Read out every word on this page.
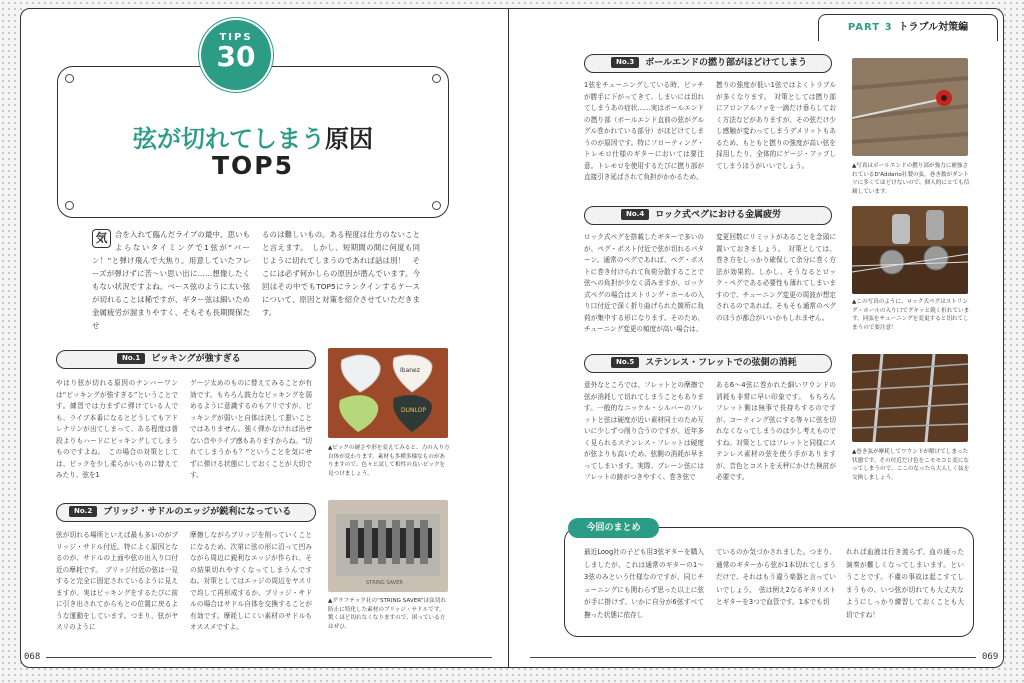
PART 3 トラブル対策編
弦が切れてしまう原因
TOP5
TIPS
30
気	合を入れて臨んだライブの最中、思いもよらないタイミングで1弦が“バーン！”と弾け飛んで大焦り。用意していたフレーズが弾けずに苦〜い思い出に……想像したくもない状況ですよね。ベース弦のように太い弦が切れることは稀ですが、ギター弦は細いため金属疲労が溜まりやすく、そもそも長期間保たせ
るのは難しいもの。ある程度は仕方のないことと言えます。　しかし、短期間の間に何度も同じように切れてしまうのであれば話は別！　そこには必ず何かしらの原因が潜んでいます。今回はその中でもTOP5にランクインするケースについて、原因と対策を紹介させていただきます。
No.1 ピッキングが強すぎる
やはり弦が切れる原因のナンバーワンは“ピッキングが強すぎる”ということです。練習では力まずに弾けている人でも、ライブ本番になるとどうしてもアドレナリンが出てしまって、ある程度は普段よりもハードにピッキングしてしまうものですよね。　この場合の対策としては、ピックを少し柔らかいものに替えてみたり、弦を1
ゲージ太めのものに替えてみることが有効です。もちろん鼓力なピッキングを弱めるように意識するのもアリですが、ピッキングが弱いと自体は決して悪いことではありません。強く弾かなければ出せない音やライブ感もありますからね。“切れてしまうかも？”ということを気にせずに弾ける状態にしておくことが大切です。
Ibanez
DUNLOP
▲ピックの硬さや形を変えてみると、力の入り方自体が変わります。素材も多種多様なものがありますので、色々と試して相性の良いピックを見つけましょう。
No.2 ブリッジ・サドルのエッジが鋭利になっている
弦が切れる場所といえば最も多いのがブリッジ・サドル付近。特によく原因となるのが、サドルの上面や弦の出入り口付近の摩耗です。　ブリッジ付近の弦は一見すると完全に固定されているように見えますが、実はピッキングをするたびに前に引き出されてからもとの位置に戻るような運動をしています。つまり、弦がヤスリのように
摩擦しながらブリッジを削っていくことになるため、次第に弦の形に沿って凹みながら周辺に鋭利なエッジが作られ、その結果切れやすくなってしまうんですね。対策としてはエッジの周辺をヤスリで均して再形成するか、ブリッジ・サドルの場合はサドル自体を交換することが有効です。摩耗しにくい素材のサドルもオススメですよ。
STRING SAVER
▲グラフテック社の“STRING SAVER”は弦切れ防止に特化した素材のブリッジ・サドルです。驚くほど切れなくなりますので、困っている方はぜひ。
No.3 ボールエンドの撚り部がほどけてしまう
1弦をチューニングしている時、ピッチが勝手に下がってきて、しまいには切れてしまうあの症状……実はボールエンドの撚り部（ボールエンド直前の弦がグルグル巻かれている部分）がほどけてしまうのが原因です。特にフローティング・トレモロ仕様のギターにおいては要注意。トレモロを使用するたびに撚り部が直接引き延ばされて負担がかかるため、
撚りの強度が低い1弦ではよくトラブルが多くなります。　対策としては撚り部にアロンアルファを一滴だけ垂らしておく方法などがありますが、その弦だけ少し感触が変わってしまうデメリットもあるため、もともと撚りの強度が高い弦を採用したり、全体的にゲージ・アップしてしまうほうがいいでしょう。	▲写真はボールエンドの撚り部が強力に補強されているD'Addario社製の弦。巻き数がダントツに多くてほどけないので、個人的にとても信頼しています。
No.4 ロック式ペグにおける金属疲労
ロック式ペグを搭載したギターで多いのが、ペグ・ポスト付近で弦が切れるパターン。通常のペグであれば、ペグ・ポストに巻き付けられて負荷分散することで弦への負担が少なく済みますが、ロック式ペグの場合はストリング・ホールの入り口付近で深く折り曲げられた箇所に負荷が集中する形になります。そのため、チューニング変更の頻度が高い場合は、
変更回数にリミットがあることを念頭に置いておきましょう。　対策としては、巻き方をしっかり確保して余分に巻く方法が効果的。しかし、そうなるとロック・ペグである必要性も薄れてしまいますので、チューニング変更の周波が想定されるのであれば、そもそも通常のペグのほうが都合がいいかもしれません。
▲この写真のように、ロック式ペグはストリング・ホールの入り口でグキッと鋭く折れています。同弦をチューニングを変更すると切れてしまうので要注意！
No.5 ステンレス・フレットでの弦側の消耗
意外なところでは、フレットとの摩擦で弦が消耗して切れてしまうこともあります。一般的なニッケル・シルバーのフレットと弦は硬度が近い素材同士のため互いに少しずつ削り合うのですが、近年多く見られるステンレス・フレットは硬度が弦よりも高いため、弦側の消耗が早まってしまいます。実際、プレーン弦にはフレットの跡がつきやすく、巻き弦で
ある6〜4弦に巻かれた細いワウンドの消耗も非常に早い印象です。　もちろんフレット側は無事で長持ちするのですが、コーティング弦にする等々に弦を切れなくなってしまうのは少し考えものですね。対策としてはフレットと同様にステンレス素材の弦を使う手がありますが、音色とコストを天秤にかけた検討が必要です。
▲巻き弦が摩耗してワウンドが解けてしまった状態です。その付近だけ色をこモモコと変になってしまうので、ここのなったら大人しく弦を交換しましょう。
今回のまとめ
最近Loog社の子ども用3弦ギターを購入しましたが、これは通常のギターの1〜3弦のみという仕様なのですが、同じチューニングにも関わらず思った以上に弦が手に掛けず、いかに自分が6弦すべて撫った状態に依存し
ているのか気づかされました。つまり、通常のギターから弦が1本切れてしまうだけで、それはもう違う楽器と言っていいでしょう。　弦は例え2なるギタリストとギターを3つで血管です。1本でも切
れれば血液は行き渡らず、血の通った演奏が難しくなってしまいます。ということです。不慮の事故は起こすてしまうもの、いつ弦が切れても大丈夫なようにしっかり練習しておくことも大切ですね！
068	069
